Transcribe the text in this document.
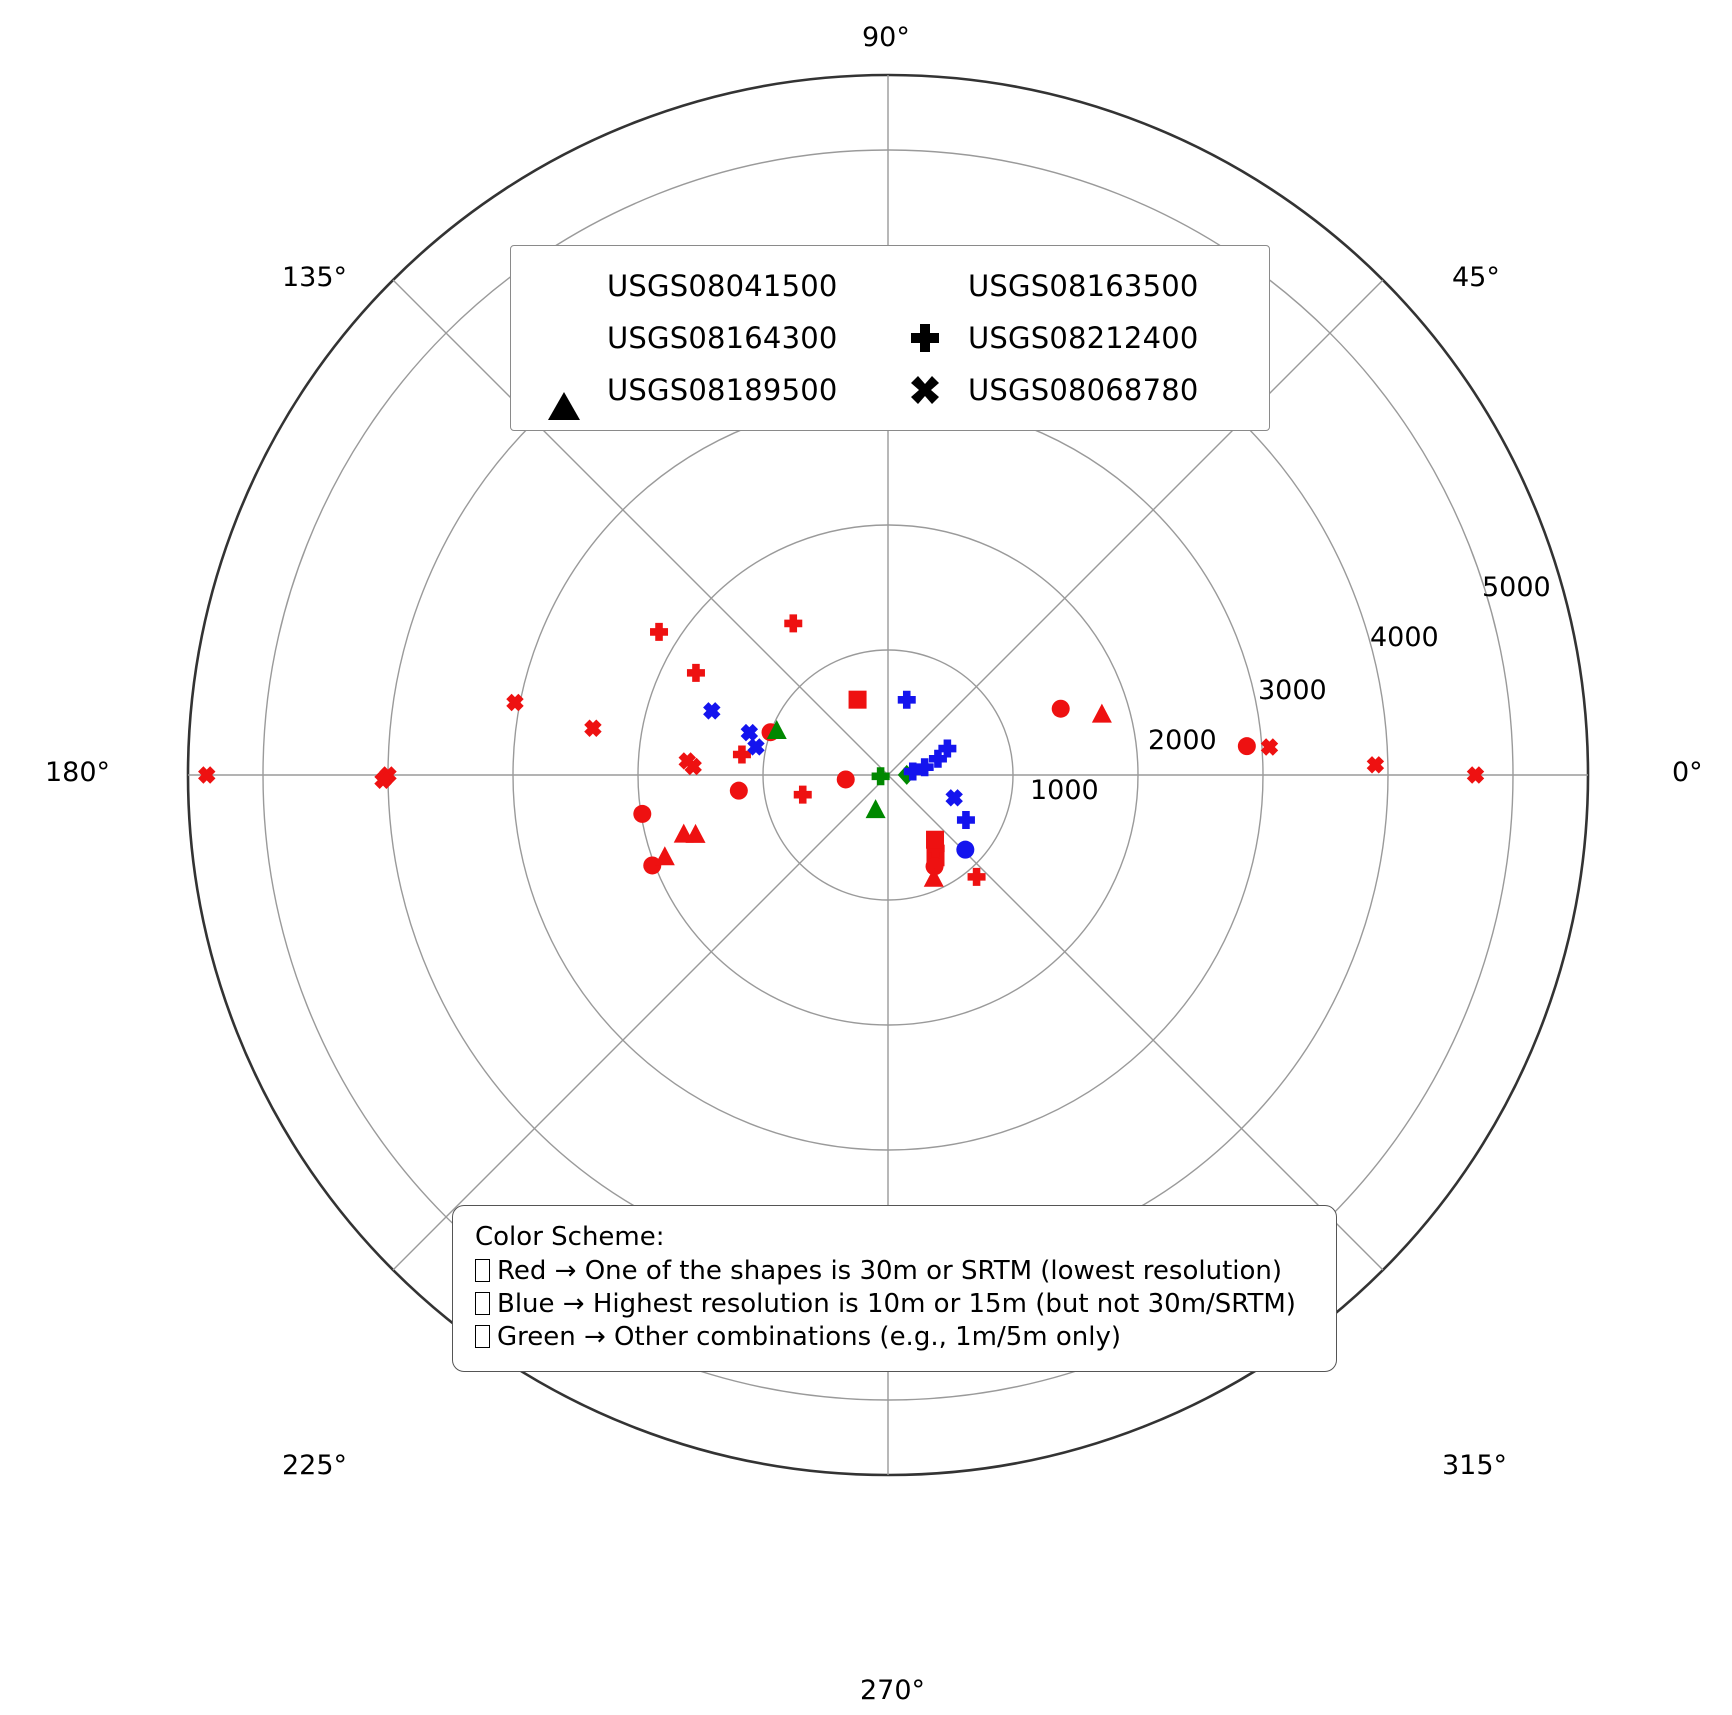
0°
45°
90°
135°
180°
225°
270°
315°
1000
2000
3000
4000
5000
USGS08041500	USGS08163500
USGS08164300	USGS08212400
USGS08189500	USGS08068780
Color Scheme:
Red → One of the shapes is 30m or SRTM (lowest resolution)
Blue → Highest resolution is 10m or 15m (but not 30m/SRTM)
Green → Other combinations (e.g., 1m/5m only)
